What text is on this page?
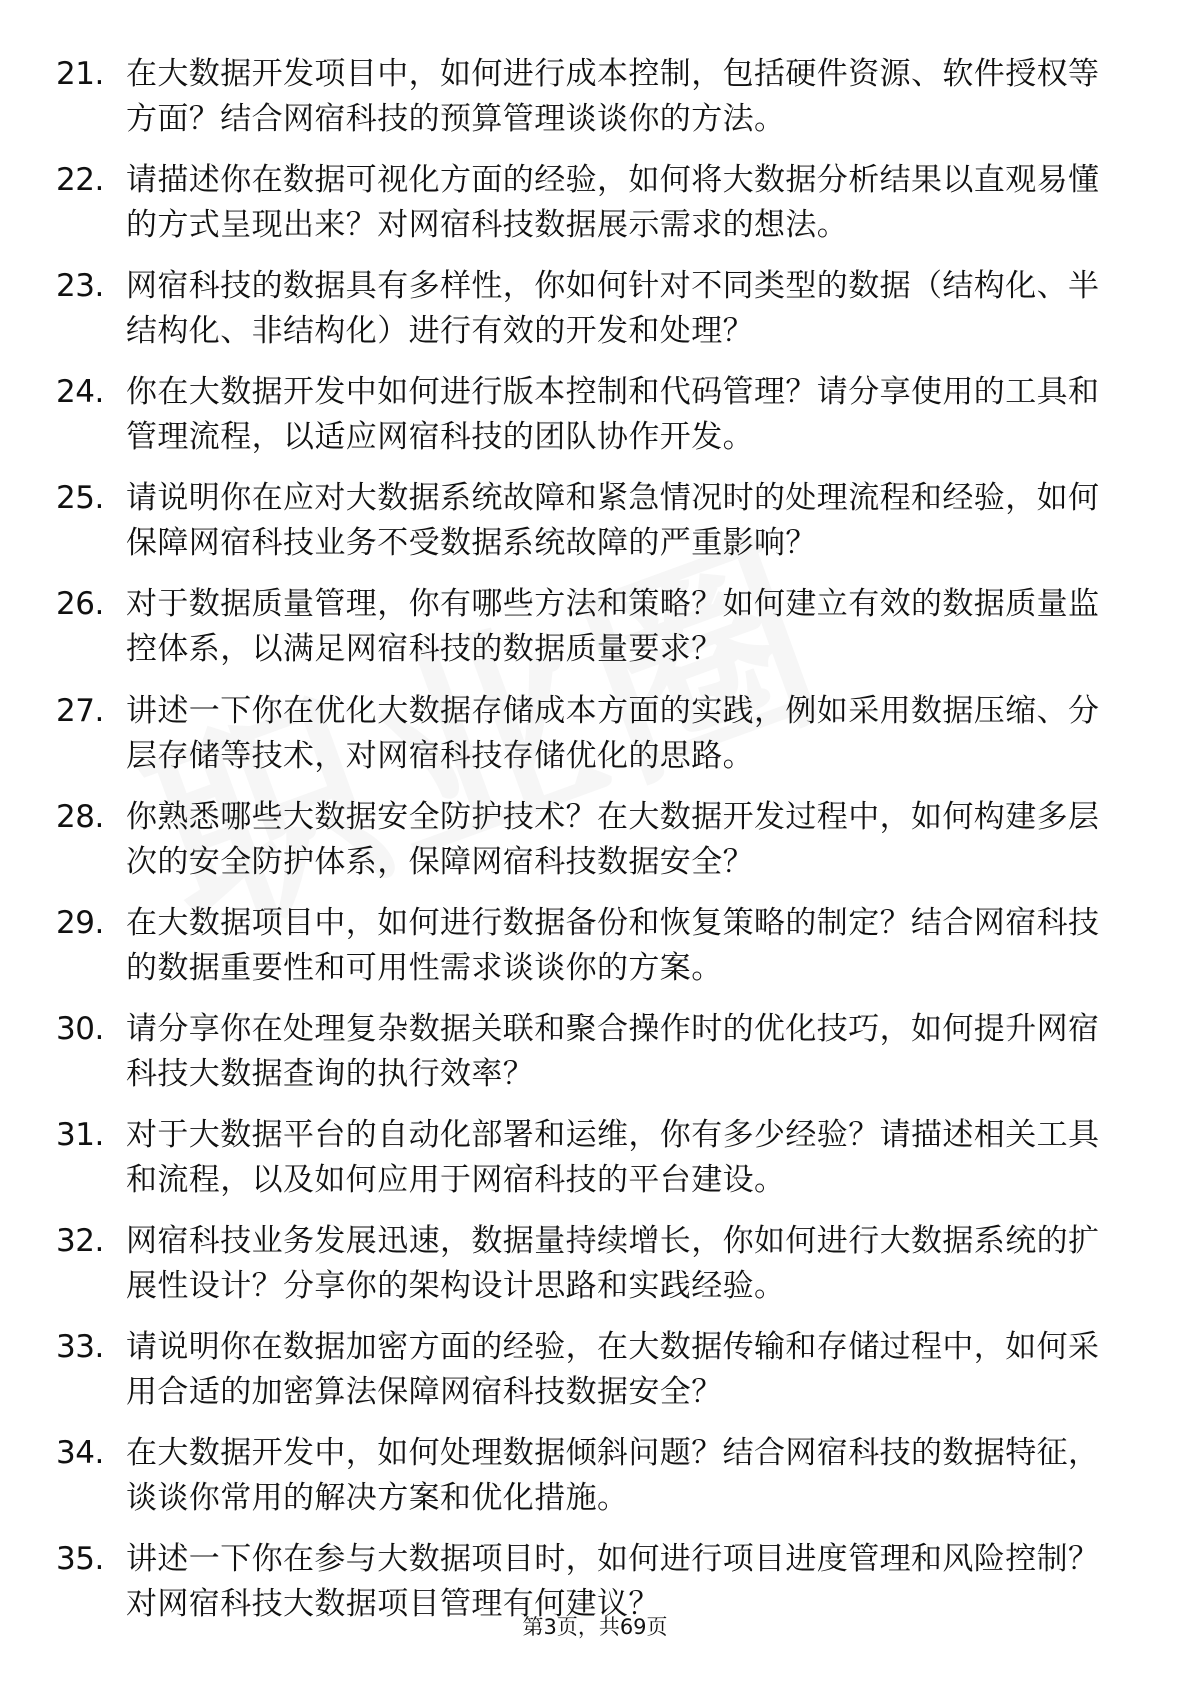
21. 在大数据开发项目中，如何进行成本控制，包括硬件资源、软件授权等方面？结合网宿科技的预算管理谈谈你的方法。
22. 请描述你在数据可视化方面的经验，如何将大数据分析结果以直观易懂的方式呈现出来？对网宿科技数据展示需求的想法。
23. 网宿科技的数据具有多样性，你如何针对不同类型的数据（结构化、半结构化、非结构化）进行有效的开发和处理？
24. 你在大数据开发中如何进行版本控制和代码管理？请分享使用的工具和管理流程，以适应网宿科技的团队协作开发。
25. 请说明你在应对大数据系统故障和紧急情况时的处理流程和经验，如何保障网宿科技业务不受数据系统故障的严重影响？
26. 对于数据质量管理，你有哪些方法和策略？如何建立有效的数据质量监控体系，以满足网宿科技的数据质量要求？
27. 讲述一下你在优化大数据存储成本方面的实践，例如采用数据压缩、分层存储等技术，对网宿科技存储优化的思路。
28. 你熟悉哪些大数据安全防护技术？在大数据开发过程中，如何构建多层次的安全防护体系，保障网宿科技数据安全？
29. 在大数据项目中，如何进行数据备份和恢复策略的制定？结合网宿科技的数据重要性和可用性需求谈谈你的方案。
30. 请分享你在处理复杂数据关联和聚合操作时的优化技巧，如何提升网宿科技大数据查询的执行效率？
31. 对于大数据平台的自动化部署和运维，你有多少经验？请描述相关工具和流程，以及如何应用于网宿科技的平台建设。
32. 网宿科技业务发展迅速，数据量持续增长，你如何进行大数据系统的扩展性设计？分享你的架构设计思路和实践经验。
33. 请说明你在数据加密方面的经验，在大数据传输和存储过程中，如何采用合适的加密算法保障网宿科技数据安全？
34. 在大数据开发中，如何处理数据倾斜问题？结合网宿科技的数据特征，谈谈你常用的解决方案和优化措施。
35. 讲述一下你在参与大数据项目时，如何进行项目进度管理和风险控制？对网宿科技大数据项目管理有何建议？
第3页，共69页
